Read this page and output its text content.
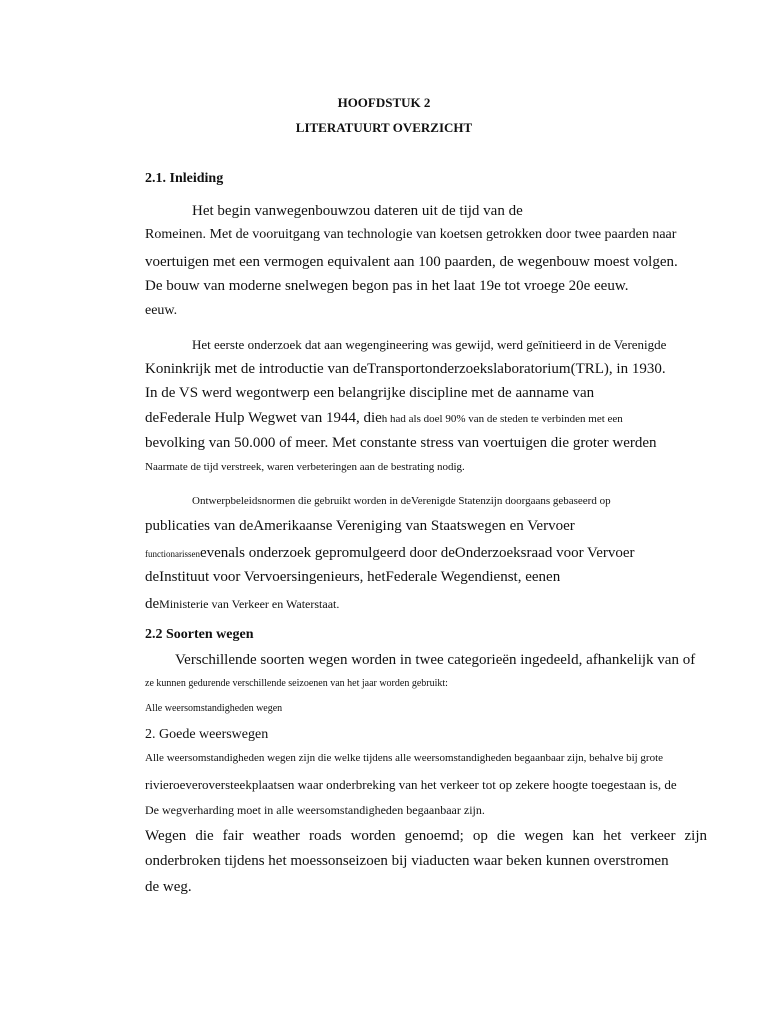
HOOFDSTUK 2
LITERATUURT OVERZICHT
2.1. Inleiding
Het begin vanwegenbouwzou dateren uit de tijd van de
Romeinen. Met de vooruitgang van technologie van koetsen getrokken door twee paarden naar
voertuigen met een vermogen equivalent aan 100 paarden, de wegenbouw moest volgen.
De bouw van moderne snelwegen begon pas in het laat 19e tot vroege 20e eeuw.
eeuw.
Het eerste onderzoek dat aan wegengineering was gewijd, werd geïnitieerd in de Verenigde
Koninkrijk met de introductie van deTransportonderzoekslaboratorium(TRL), in 1930.
In de VS werd wegontwerp een belangrijke discipline met de aanname van
deFederale Hulp Wegwet van 1944, dieh had als doel 90% van de steden te verbinden met een
bevolking van 50.000 of meer. Met constante stress van voertuigen die groter werden
Naarmate de tijd verstreek, waren verbeteringen aan de bestrating nodig.
Ontwerpbeleidsnormen die gebruikt worden in deVerenigde Statenzijn doorgaans gebaseerd op
publicaties van deAmerikaanse Vereniging van Staatswegen en Vervoer
functionarissenevenals onderzoek gepromulgeerd door deOnderzoeksraad voor Vervoer
deInstituut voor Vervoersingenieurs, hetFederale Wegendienst, eenen
deMinisterie van Verkeer en Waterstaat.
2.2 Soorten wegen
Verschillende soorten wegen worden in twee categorieën ingedeeld, afhankelijk van of
ze kunnen gedurende verschillende seizoenen van het jaar worden gebruikt:
Alle weersomstandigheden wegen
2. Goede weerswegen
Alle weersomstandigheden wegen zijn die welke tijdens alle weersomstandigheden begaanbaar zijn, behalve bij grote
rivieroeveroversteekplaatsen waar onderbreking van het verkeer tot op zekere hoogte toegestaan is, de
De wegverharding moet in alle weersomstandigheden begaanbaar zijn.
Wegen die fair weather roads worden genoemd; op die wegen kan het verkeer zijn
onderbroken tijdens het moessonseizoen bij viaducten waar beken kunnen overstromen
de weg.
